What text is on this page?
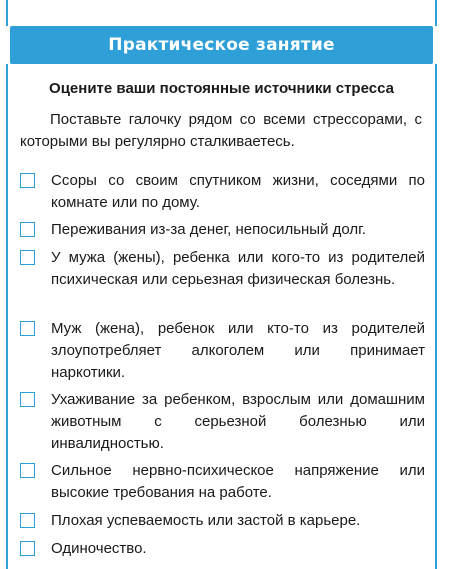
Практическое занятие
Оцените ваши постоянные источники стресса
Поставьте галочку рядом со всеми стрессорами, с которыми вы регулярно сталкиваетесь.
Ссоры со своим спутником жизни, соседями по комнате или по дому.
Переживания из-за денег, непосильный долг.
У мужа (жены), ребенка или кого-то из родителей психическая или серьезная физическая болезнь.
Муж (жена), ребенок или кто-то из родителей злоупотребляет алкоголем или принимает наркотики.
Ухаживание за ребенком, взрослым или домашним животным с серьезной болезнью или инвалидностью.
Сильное нервно-психическое напряжение или высокие требования на работе.
Плохая успеваемость или застой в карьере.
Одиночество.
